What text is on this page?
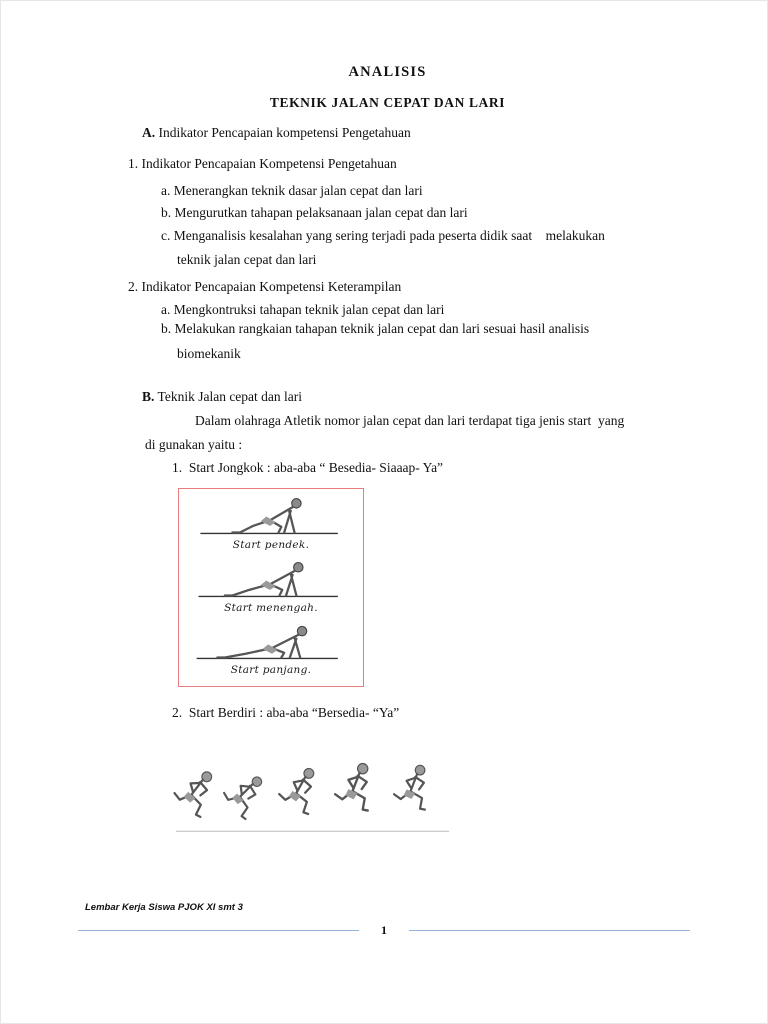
ANALISIS
TEKNIK JALAN CEPAT DAN LARI

A. Indikator Pencapaian kompetensi Pengetahuan

1. Indikator Pencapaian Kompetensi Pengetahuan

a. Menerangkan teknik dasar jalan cepat dan lari

b. Mengurutkan tahapan pelaksanaan jalan cepat dan lari

c. Menganalisis kesalahan yang sering terjadi pada peserta didik saat    melakukan

teknik jalan cepat dan lari

2. Indikator Pencapaian Kompetensi Keterampilan

a. Mengkontruksi tahapan teknik jalan cepat dan lari

b. Melakukan rangkaian tahapan teknik jalan cepat dan lari sesuai hasil analisis

biomekanik

B. Teknik Jalan cepat dan lari

Dalam olahraga Atletik nomor jalan cepat dan lari terdapat tiga jenis start  yang

di gunakan yaitu :

1.  Start Jongkok : aba-aba “ Besedia- Siaaap- Ya”

Start pendek.
Start menengah.
Start panjang.

2.  Start Berdiri : aba-aba “Bersedia- “Ya”

Lembar Kerja Siswa PJOK XI smt 3
1
